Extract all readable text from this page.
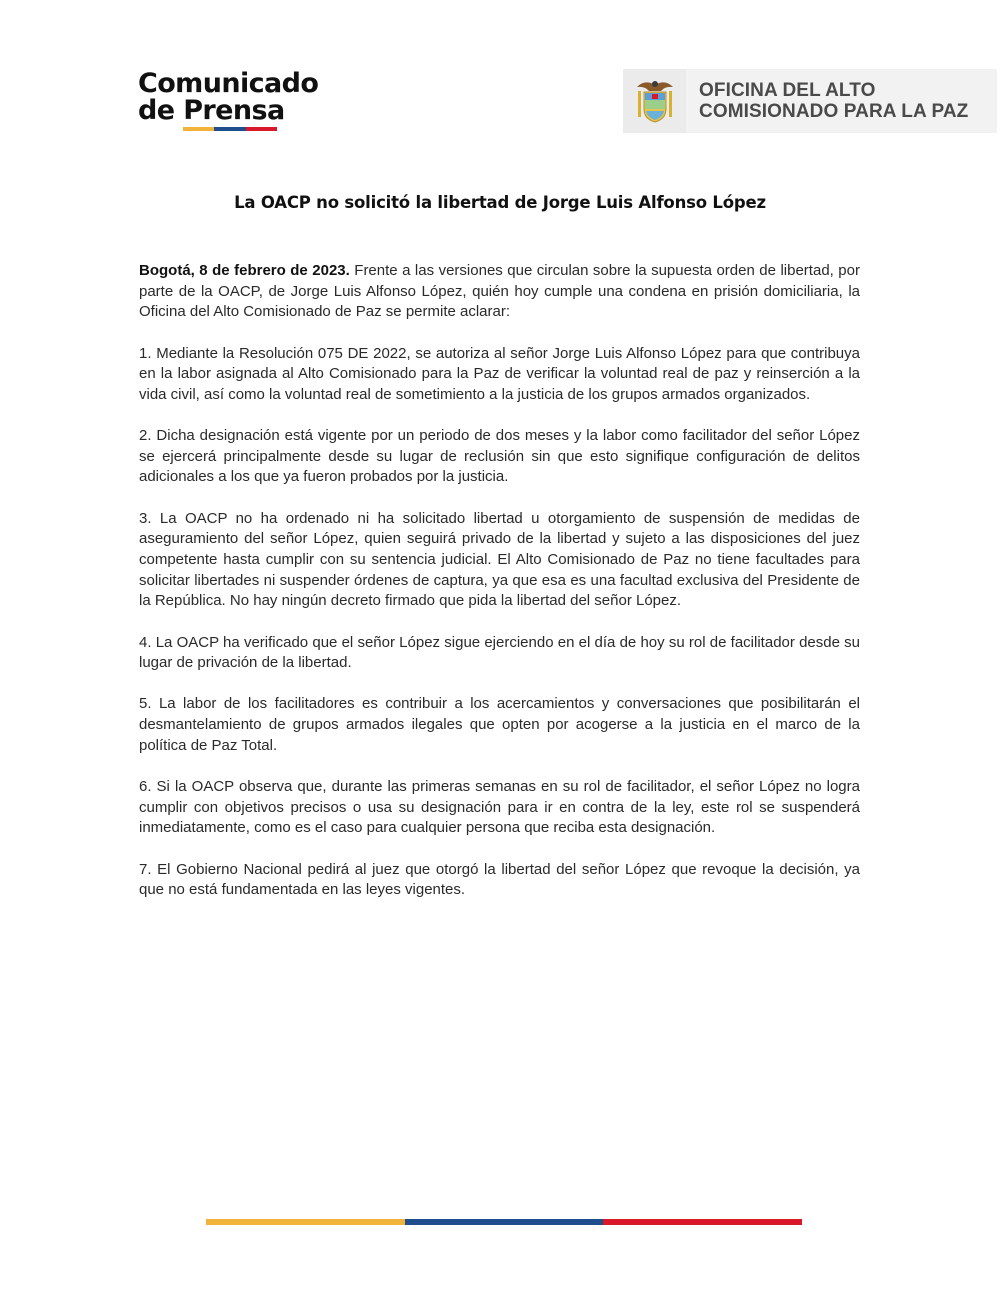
Comunicado
de Prensa
OFICINA DEL ALTO
COMISIONADO PARA LA PAZ
La OACP no solicitó la libertad de Jorge Luis Alfonso López

Bogotá, 8 de febrero de 2023. Frente a las versiones que circulan sobre la supuesta orden de libertad, por parte de la OACP, de Jorge Luis Alfonso López, quién hoy cumple una condena en prisión domiciliaria, la Oficina del Alto Comisionado de Paz se permite aclarar:

1. Mediante la Resolución 075 DE 2022, se autoriza al señor Jorge Luis Alfonso López para que contribuya en la labor asignada al Alto Comisionado para la Paz de verificar la voluntad real de paz y reinserción a la vida civil, así como la voluntad real de sometimiento a la justicia de los grupos armados organizados.

2. Dicha designación está vigente por un periodo de dos meses y la labor como facilitador del señor López se ejercerá principalmente desde su lugar de reclusión sin que esto signifique configuración de delitos adicionales a los que ya fueron probados por la justicia.

3. La OACP no ha ordenado ni ha solicitado libertad u otorgamiento de suspensión de medidas de aseguramiento del señor López, quien seguirá privado de la libertad y sujeto a las disposiciones del juez competente hasta cumplir con su sentencia judicial. El Alto Comisionado de Paz no tiene facultades para solicitar libertades ni suspender órdenes de captura, ya que esa es una facultad exclusiva del Presidente de la República. No hay ningún decreto firmado que pida la libertad del señor López.

4. La OACP ha verificado que el señor López sigue ejerciendo en el día de hoy su rol de facilitador desde su lugar de privación de la libertad.

5. La labor de los facilitadores es contribuir a los acercamientos y conversaciones que posibilitarán el desmantelamiento de grupos armados ilegales que opten por acogerse a la justicia en el marco de la política de Paz Total.

6. Si la OACP observa que, durante las primeras semanas en su rol de facilitador, el señor López no logra cumplir con objetivos precisos o usa su designación para ir en contra de la ley, este rol se suspenderá inmediatamente, como es el caso para cualquier persona que reciba esta designación.

7. El Gobierno Nacional pedirá al juez que otorgó la libertad del señor López que revoque la decisión, ya que no está fundamentada en las leyes vigentes.
